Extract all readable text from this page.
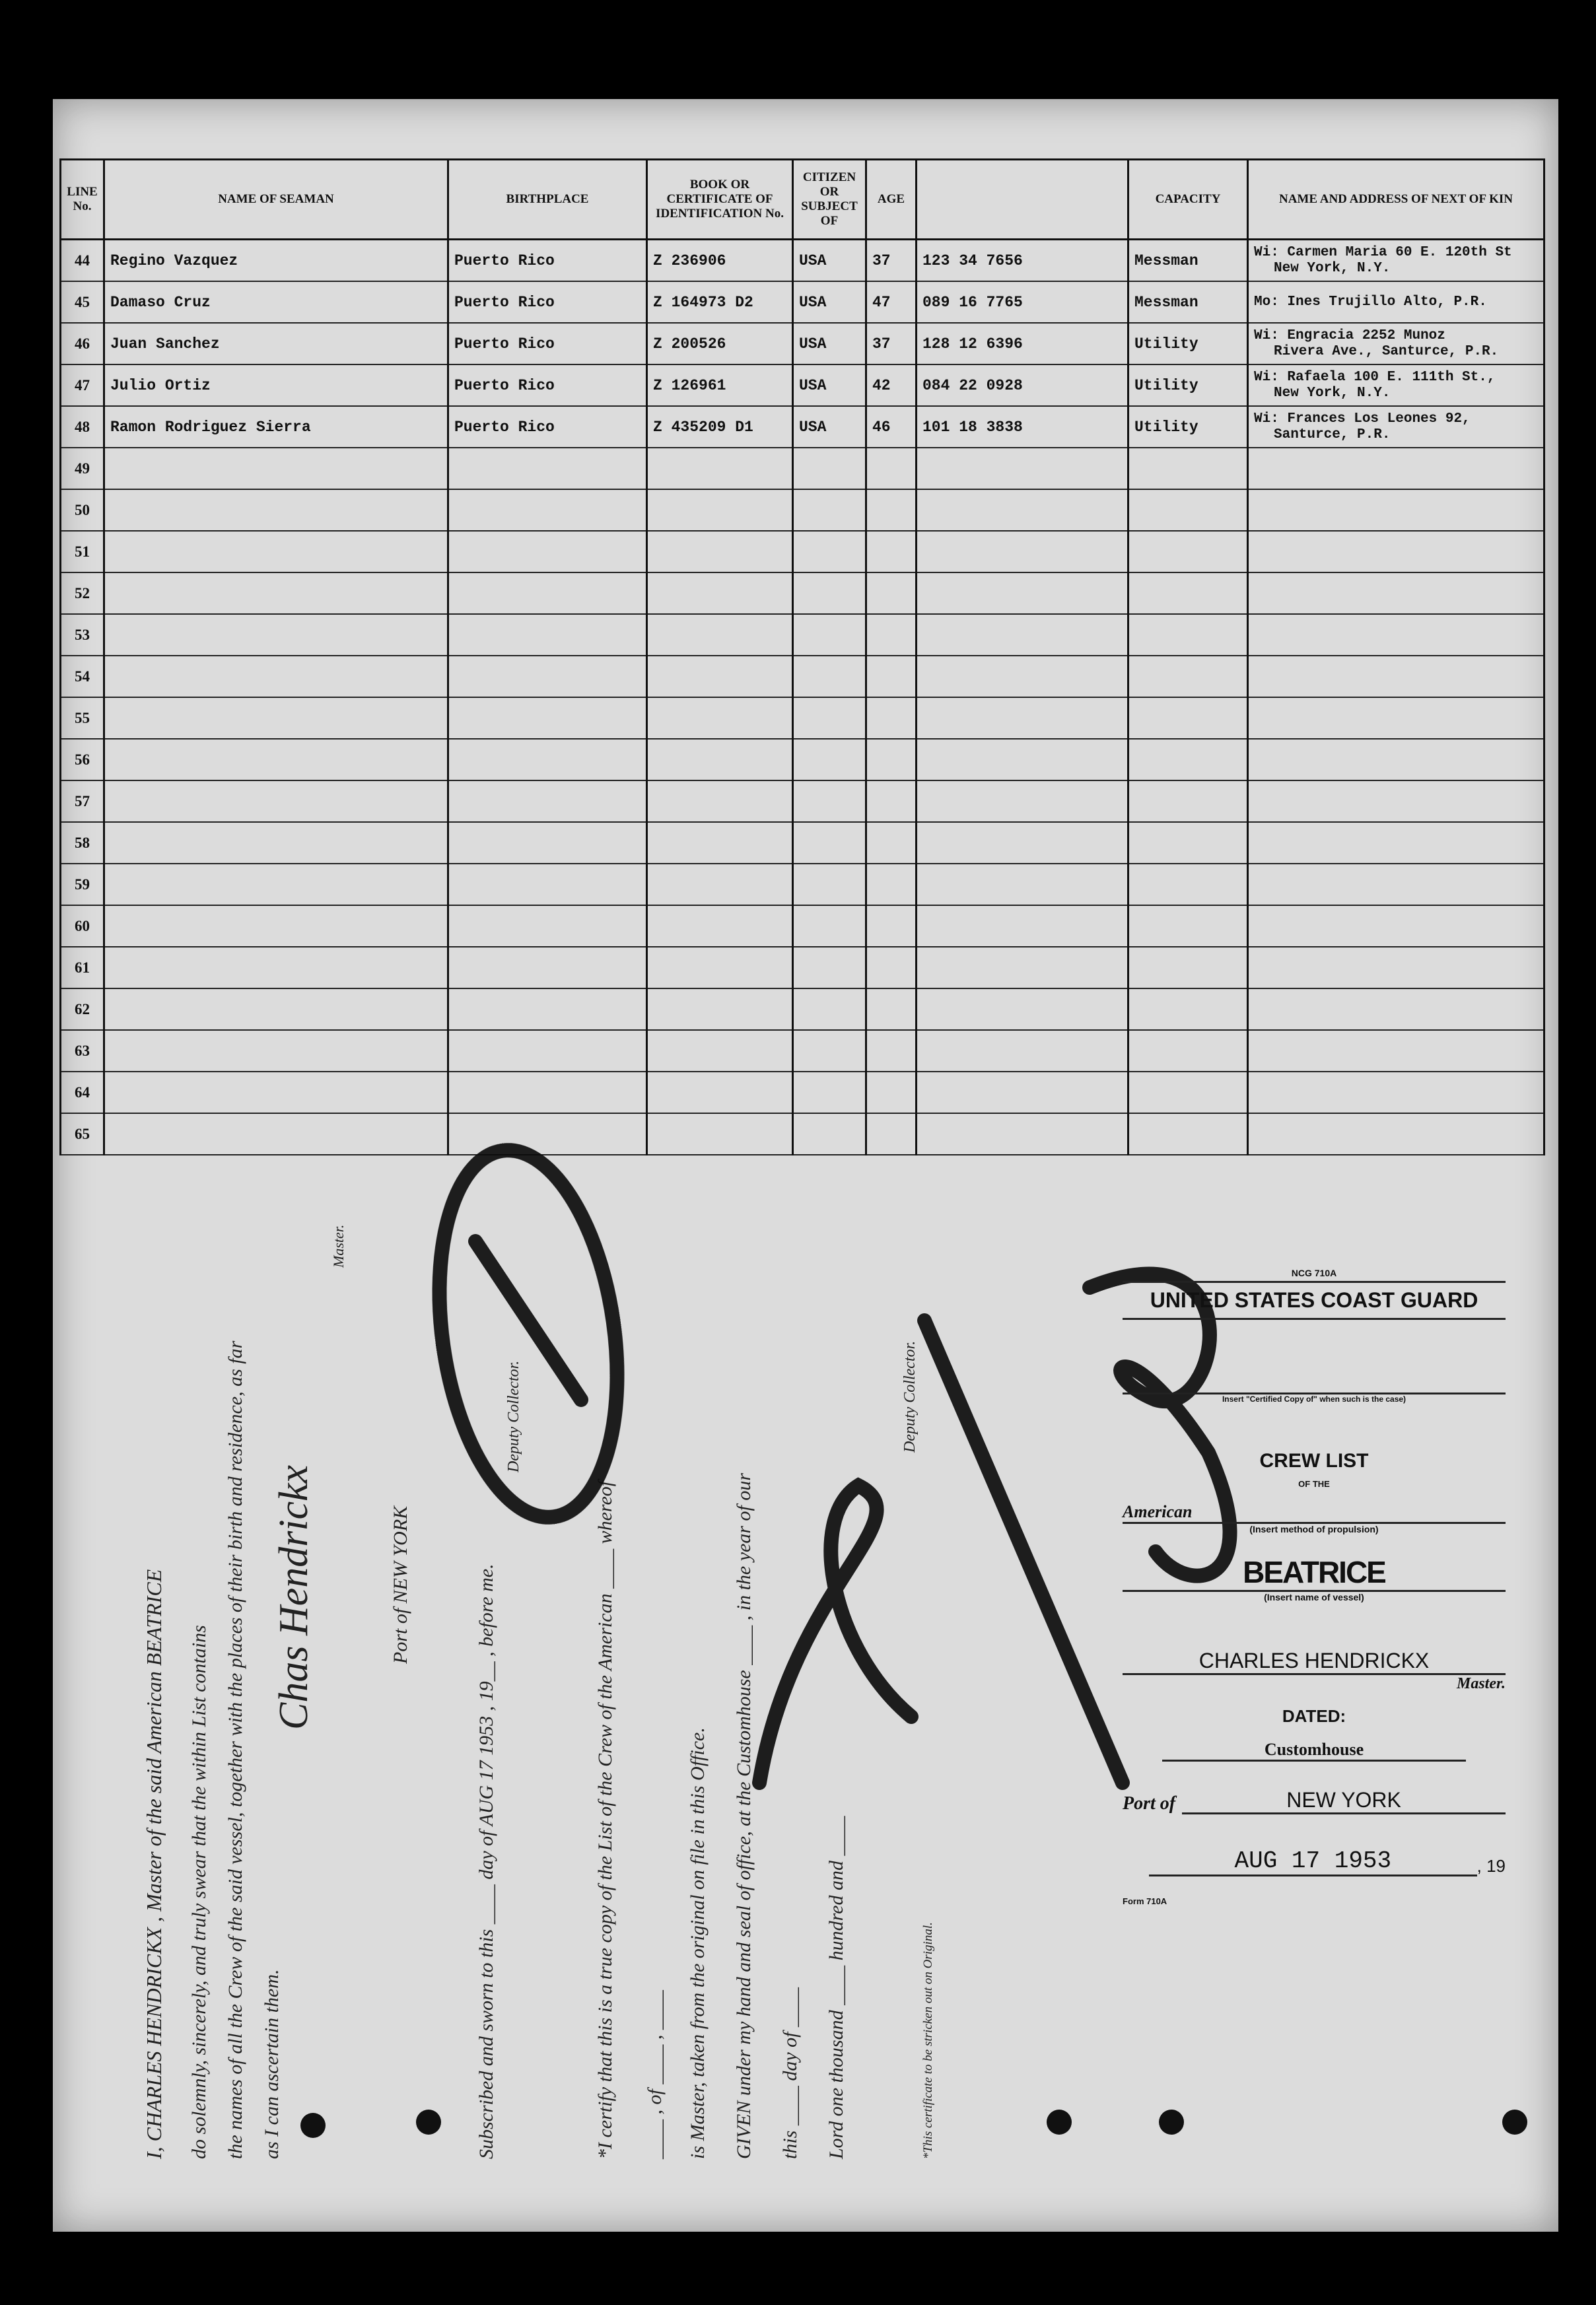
LINE No.	NAME OF SEAMAN	BIRTHPLACE	BOOK OR CERTIFICATE OF IDENTIFICATION No.	CITIZEN OR SUBJECT OF	AGE		CAPACITY	NAME AND ADDRESS OF NEXT OF KIN
44	Regino Vazquez	Puerto Rico	Z 236906	USA	37	123 34 7656	Messman	Wi: Carmen Maria 60 E. 120th St
New York, N.Y.

45	Damaso Cruz	Puerto Rico	Z 164973 D2	USA	47	089 16 7765	Messman	Mo: Ines Trujillo Alto, P.R.

46	Juan Sanchez	Puerto Rico	Z 200526	USA	37	128 12 6396	Utility	Wi: Engracia 2252 Munoz
Rivera Ave., Santurce, P.R.

47	Julio Ortiz	Puerto Rico	Z 126961	USA	42	084 22 0928	Utility	Wi: Rafaela 100 E. 111th St.,
New York, N.Y.

48	Ramon Rodriguez Sierra	Puerto Rico	Z 435209 D1	USA	46	101 18 3838	Utility	Wi: Frances Los Leones 92,
Santurce, P.R.

49								
50								
51								
52								
53								
54								
55								
56								
57								
58								
59								
60								
61								
62								
63								
64								
65								
I, CHARLES HENDRICKX , Master of the said American BEATRICE do solemnly, sincerely, and truly swear that the within List contains the names of all the Crew of the said vessel, together with the places of their birth and residence, as far as I can ascertain them.
Chas Hendrickx
Master.
Port of NEW YORK	Subscribed and sworn to this ____ day of AUG 17 1953 , 19__ , before me.
Deputy Collector.
*I certify that this is a true copy of the List of the Crew of the American ____ whereof ____ , of ____ , ____ is Master, taken from the original on file in this Office. GIVEN under my hand and seal of office, at the Customhouse ____ , in the year of our this ____ day of ____ Lord one thousand ____ hundred and ____
Deputy Collector.
*This certificate to be stricken out on Original.
NCG 710A
UNITED STATES COAST GUARD
Insert "Certified Copy of" when such is the case)
CREW LIST
OF THE
American
(Insert method of propulsion)
BEATRICE
(Insert name of vessel)
CHARLES HENDRICKX
Master.
DATED:
Customhouse
Port of	NEW YORK
AUG 17 1953	, 19
Form 710A
